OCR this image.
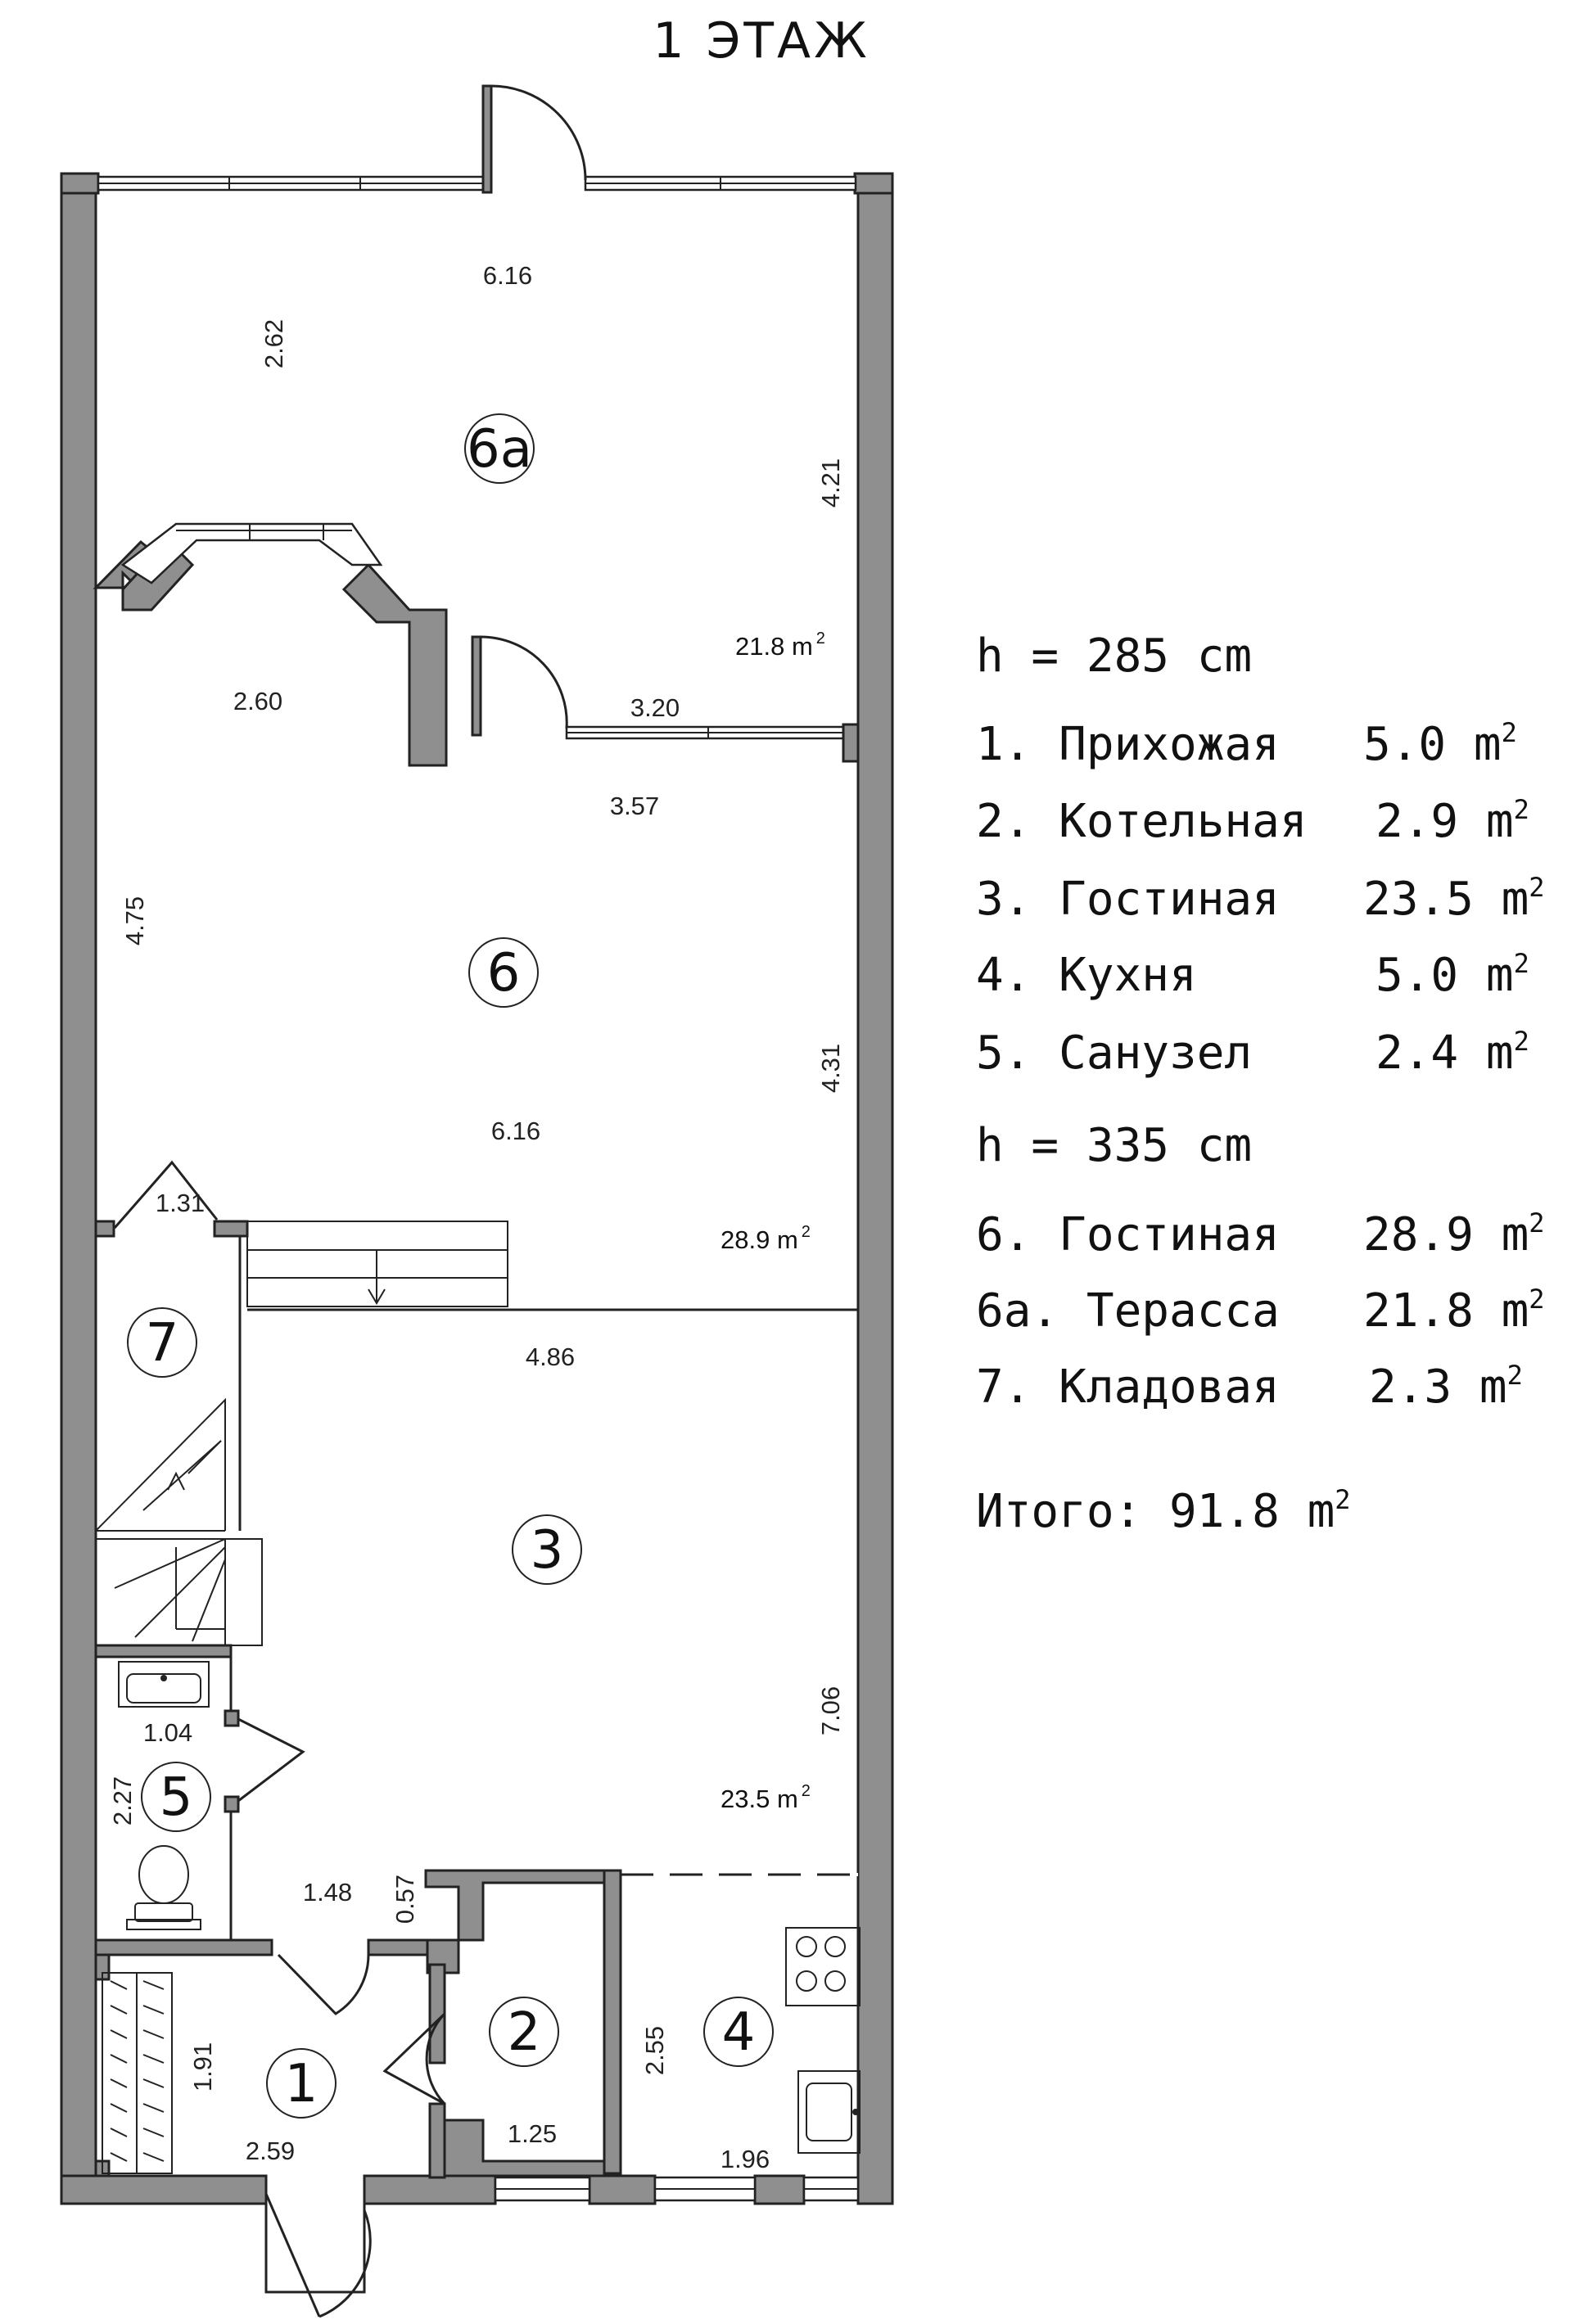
1 ЭТАЖ
6.16
2.62
4.21
2.60	3.20
3.57
4.75
4.31
6.16
1.31
4.86
7.06
1.04
2.27
1.48 0.57
1.91
2.59
1.25
2.55
1.96
21.8 m $^2$
28.9 m $^2$
23.5 m $^2$
6а
6
7
3
5
2	4
1
h = 285 cm
1. Прихожая 5.0 $m^2$
2. Котельная 2.9 $m^2$
3. Гостиная 23.5 $m^2$
4. Кухня	5.0 $m^2$
5. Санузел	2.4 $m^2$
h = 335 cm
6. Гостиная 28.9 $m^2$
6а. Терасса 21.8 $m^2$
7. Кладовая 2.3 $m^2$
Итого: 91.8 $m^2$
